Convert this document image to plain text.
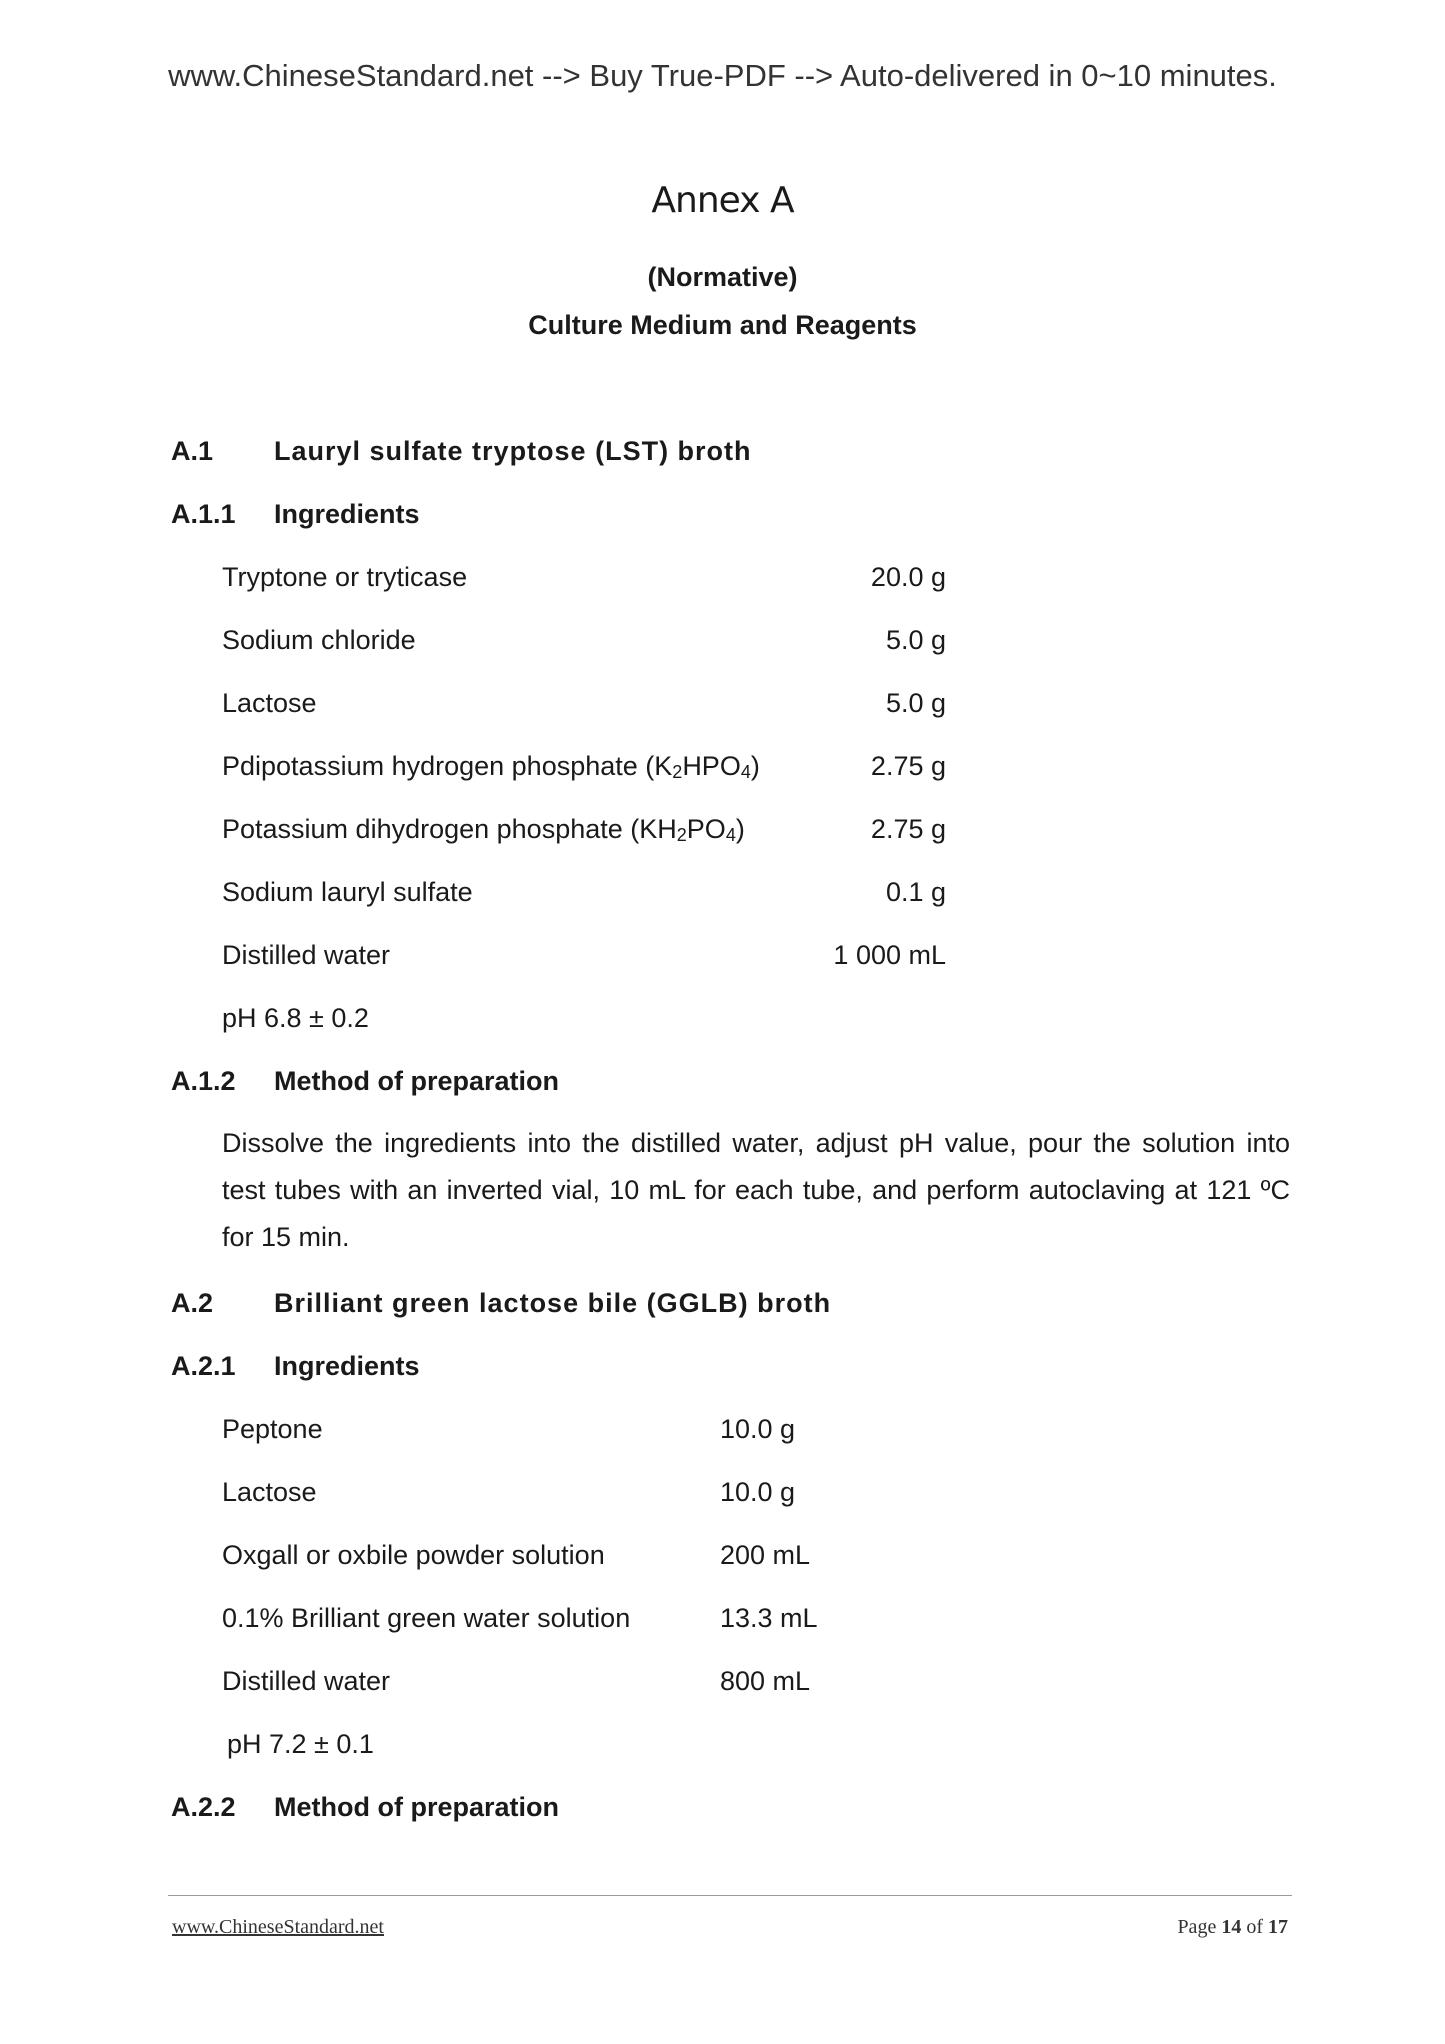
www.ChineseStandard.net --> Buy True-PDF --> Auto-delivered in 0~10 minutes.
Annex A
(Normative)
Culture Medium and Reagents
A.1 Lauryl sulfate tryptose (LST) broth
A.1.1 Ingredients
Tryptone or tryticase	20.0 g
Sodium chloride	5.0 g
Lactose	5.0 g
Pdipotassium hydrogen phosphate $(K_2HPO_4)$	2.75 g
Potassium dihydrogen phosphate $(KH_2PO_4)$	2.75 g
Sodium lauryl sulfate	0.1 g
Distilled water	1 000 mL
pH 6.8 ± 0.2
A.1.2 Method of preparation

Dissolve the ingredients into the distilled water, adjust pH value, pour the solution into test tubes with an inverted vial, 10 mL for each tube, and perform autoclaving at 121 ºC for 15 min.

A.2 Brilliant green lactose bile (GGLB) broth
A.2.1 Ingredients
Peptone	10.0 g
Lactose	10.0 g
Oxgall or oxbile powder solution	200 mL
0.1% Brilliant green water solution	13.3 mL
Distilled water	800 mL
pH 7.2 ± 0.1
A.2.2 Method of preparation
www.ChineseStandard.net	Page 14 of 17
